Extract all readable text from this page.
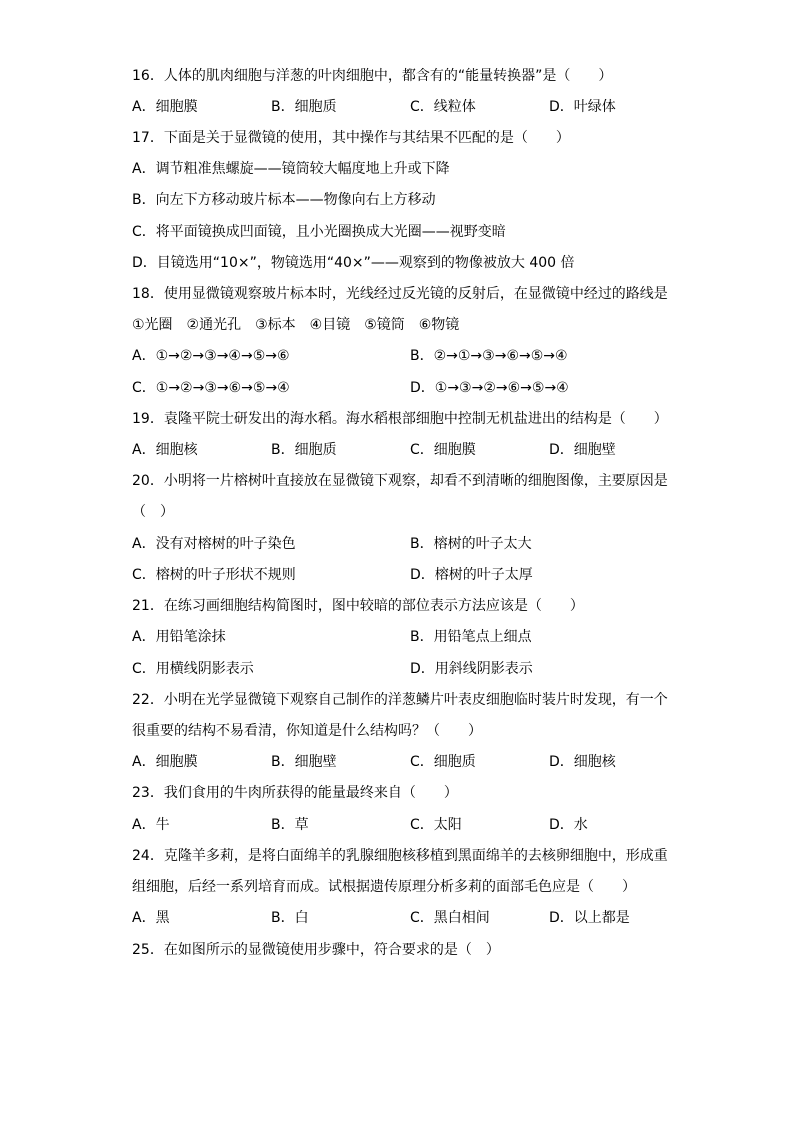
16．人体的肌肉细胞与洋葱的叶肉细胞中，都含有的“能量转换器”是（　　）
A．细胞膜	B．细胞质	C．线粒体	D．叶绿体
17．下面是关于显微镜的使用，其中操作与其结果不匹配的是（　　）
A．调节粗准焦螺旋——镜筒较大幅度地上升或下降
B．向左下方移动玻片标本——物像向右上方移动
C．将平面镜换成凹面镜，且小光圈换成大光圈——视野变暗
D．目镜选用“10×”，物镜选用“40×”——观察到的物像被放大 400 倍
18．使用显微镜观察玻片标本时，光线经过反光镜的反射后，在显微镜中经过的路线是
①光圈　②通光孔　③标本　④目镜　⑤镜筒　⑥物镜
A．①→②→③→④→⑤→⑥	B．②→①→③→⑥→⑤→④
C．①→②→③→⑥→⑤→④	D．①→③→②→⑥→⑤→④
19．袁隆平院士研发出的海水稻。海水稻根部细胞中控制无机盐进出的结构是（　　）
A．细胞核	B．细胞质	C．细胞膜	D．细胞壁
20．小明将一片榕树叶直接放在显微镜下观察，却看不到清晰的细胞图像，主要原因是
（　）
A．没有对榕树的叶子染色	B．榕树的叶子太大
C．榕树的叶子形状不规则	D．榕树的叶子太厚
21．在练习画细胞结构简图时，图中较暗的部位表示方法应该是（　　）
A．用铅笔涂抹	B．用铅笔点上细点
C．用横线阴影表示	D．用斜线阴影表示
22．小明在光学显微镜下观察自己制作的洋葱鳞片叶表皮细胞临时装片时发现，有一个
很重要的结构不易看清，你知道是什么结构吗？（　　）
A．细胞膜	B．细胞壁	C．细胞质	D．细胞核
23．我们食用的牛肉所获得的能量最终来自（　　）
A．牛	B．草	C．太阳	D．水
24．克隆羊多莉，是将白面绵羊的乳腺细胞核移植到黑面绵羊的去核卵细胞中，形成重
组细胞，后经一系列培育而成。试根据遗传原理分析多莉的面部毛色应是（　　）
A．黑	B．白	C．黑白相间	D．以上都是
25．在如图所示的显微镜使用步骤中，符合要求的是（　）
